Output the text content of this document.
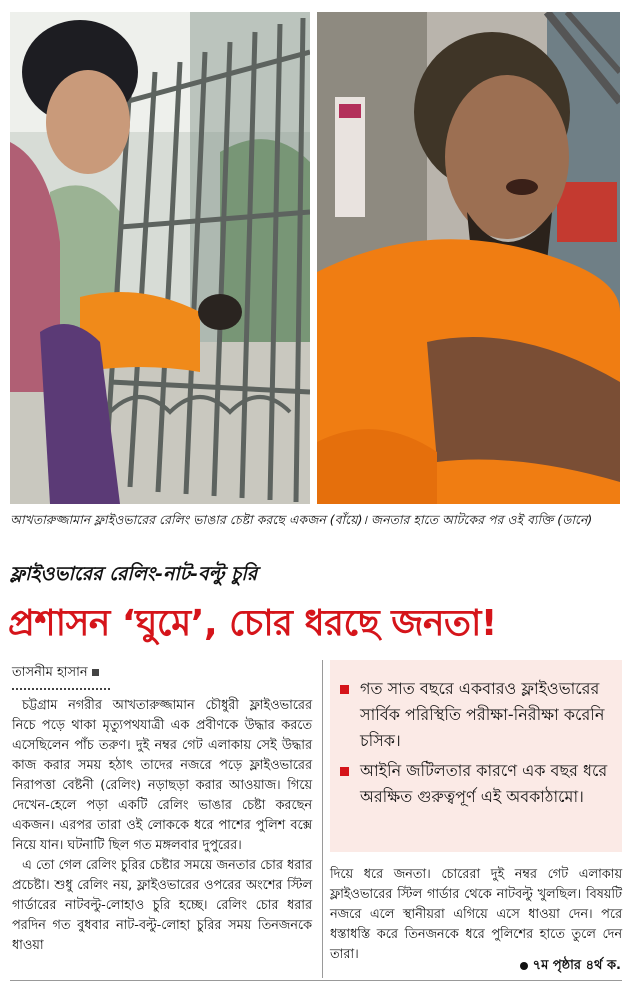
আখতারুজ্জামান ফ্লাইওভারের রেলিং ভাঙার চেষ্টা করছে একজন (বাঁয়ে)। জনতার হাতে আটকের পর ওই ব্যক্তি (ডানে)
ফ্লাইওভারের রেলিং-নাট-বল্টু চুরি
প্রশাসন ‘ঘুমে’, চোর ধরছে জনতা!
তাসনীম হাসান

চট্টগ্রাম নগরীর আখতারুজ্জামান চৌধুরী ফ্লাইওভারের নিচে পড়ে থাকা মৃত্যুপথযাত্রী এক প্রবীণকে উদ্ধার করতে এসেছিলেন পাঁচ তরুণ। দুই নম্বর গেট এলাকায় সেই উদ্ধার কাজ করার সময় হঠাৎ তাদের নজরে পড়ে ফ্লাইওভারের নিরাপত্তা বেষ্টনী (রেলিং) নড়াছড়া করার আওয়াজ। গিয়ে দেখেন-হেলে পড়া একটি রেলিং ভাঙার চেষ্টা করছেন একজন। এরপর তারা ওই লোককে ধরে পাশের পুলিশ বক্সে নিয়ে যান। ঘটনাটি ছিল গত মঙ্গলবার দুপুরের।

এ তো গেল রেলিং চুরির চেষ্টার সময়ে জনতার চোর ধরার প্রচেষ্টা। শুধু রেলিং নয়, ফ্লাইওভারের ওপরের অংশের স্টিল গার্ডারের নাটবল্টু-লোহাও চুরি হচ্ছে। রেলিং চোর ধরার পরদিন গত বুধবার নাট-বল্টু-লোহা চুরির সময় তিনজনকে ধাওয়া

গত সাত বছরে একবারও ফ্লাইওভারের সার্বিক পরিস্থিতি পরীক্ষা-নিরীক্ষা করেনি চসিক।
আইনি জটিলতার কারণে এক বছর ধরে অরক্ষিত গুরুত্বপূর্ণ এই অবকাঠামো।

দিয়ে ধরে জনতা। চোরেরা দুই নম্বর গেট এলাকায় ফ্লাইওভারের স্টিল গার্ডার থেকে নাটবল্টু খুলছিল। বিষয়টি নজরে এলে স্থানীয়রা এগিয়ে এসে ধাওয়া দেন। পরে ধস্তাধস্তি করে তিনজনকে ধরে পুলিশের হাতে তুলে দেন তারা।

৭ম পৃষ্ঠার ৪র্থ ক.
